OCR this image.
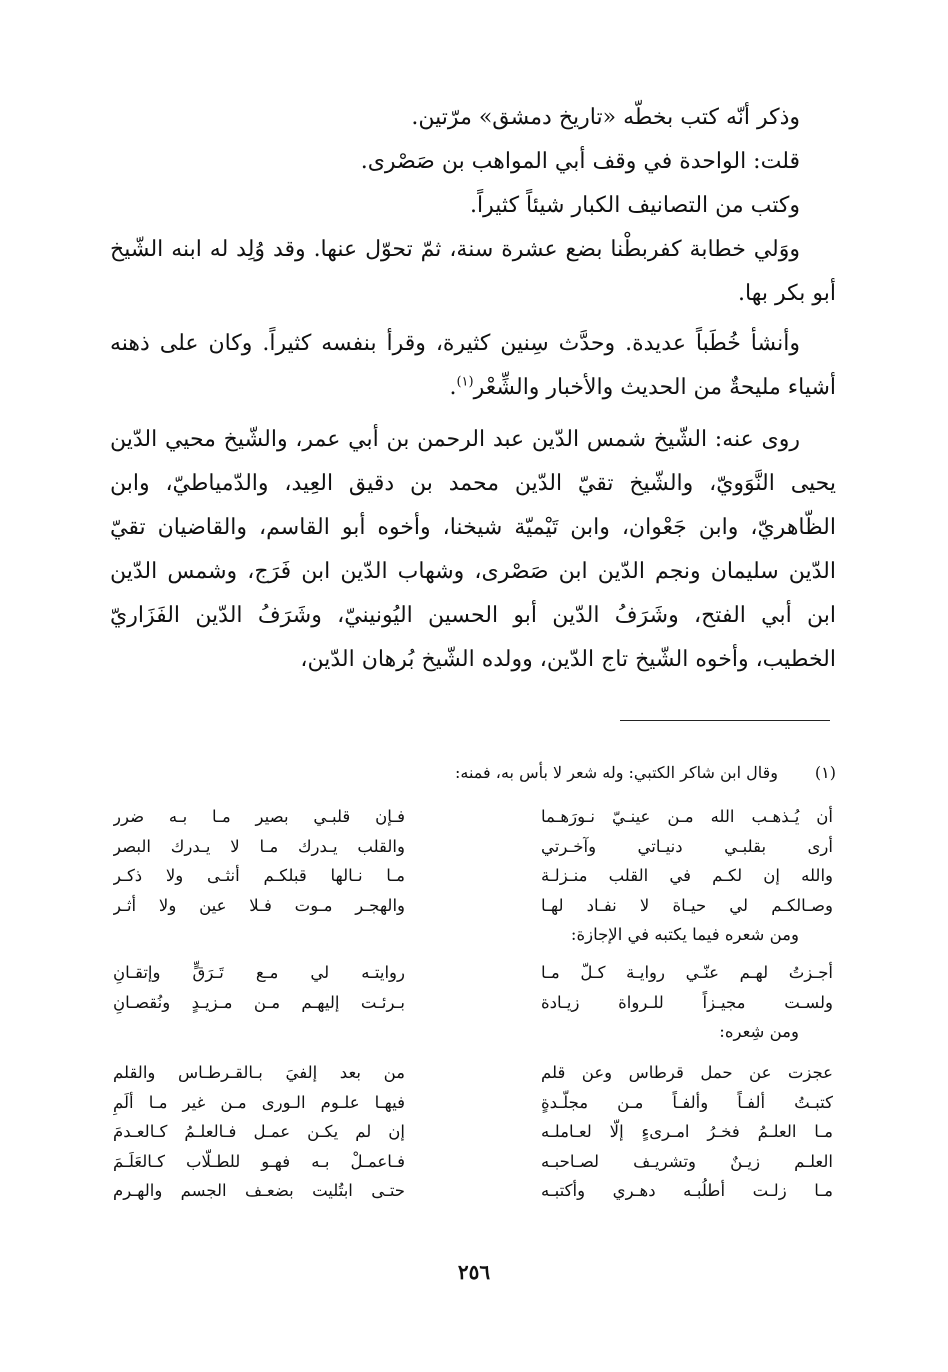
وذكر أنّه كتب بخطّه «تاريخ دمشق» مرّتين.

قلت: الواحدة في وقف أبي المواهب بن صَصْرى.

وكتب من التصانيف الكبار شيئاً كثيراً.

ووَلي خطابة كفربطْنا بضع عشرة سنة، ثمّ تحوّل عنها. وقد وُلِد له ابنه الشّيخ أبو بكر بها.

وأنشأ خُطَباً عديدة. وحدَّث سِنين كثيرة، وقرأ بنفسه كثيراً. وكان على ذهنه أشياء مليحةٌ من الحديث والأخبار والشِّعْر$^{(١)}$.

روى عنه: الشّيخ شمس الدّين عبد الرحمن بن أبي عمر، والشّيخ محيي الدّين يحيى النَّوَويّ، والشّيخ تقيّ الدّين محمد بن دقيق العِيد، والدّمياطيّ، وابن الظّاهريّ، وابن جَعْوان، وابن تَيْميّة شيخنا، وأخوه أبو القاسم، والقاضيان تقيّ الدّين سليمان ونجم الدّين ابن صَصْرى، وشهاب الدّين ابن فَرَج، وشمس الدّين ابن أبي الفتح، وشَرَفُ الدّين أبو الحسين اليُونينيّ، وشَرَفُ الدّين الفَزَاريّ الخطيب، وأخوه الشّيخ تاج الدّين، وولده الشّيخ بُرهان الدّين،

(١)
وقال ابن شاكر الكتبي: وله شعر لا بأس به، فمنه:
أن يُـذهـب الله مـن عينـيّ نـورَهـما
فـإن قلبـي بصير مـا بـه ضرر
أرى بقلبـي دنيـاتي وآخـرتي
والقلب يـدرك مـا لا يـدرك البصر
والله إن لكـم في القلب منـزلـة
مـا نـالها قبلكـم أنثـى ولا ذكـر
وصـالكـم لي حيـاة لا نفـاد لهـا
والهجـر مـوت فـلا عين ولا أثـر
ومن شعره فيما يكتبه في الإجازة:
أجـزتُ لهـم عنّـي روايـة كـلّ مـا
روايتـه لي مـع تَـرَقٍّ وإتقـانِ
ولسـت مجيـزاً للـرواة زيـادة
بـرئـت إليهـم مـن مـزيـدٍ ونُقصـانِ
ومن شِعره:
عجزت عن حمل قرطاس وعن قلم
من بعد إلفيَ بـالقـرطـاس والقلم
كتبـتُ ألفـاً وألفـاً مـن مجلّـدةٍ
فيهـا علـوم الـورى مـن غير مـا ألَمِ
مـا العلـمُ فخـرُ امـرىءٍ إلّا لعـاملـه
إن لم يكـن عمـل فـالعلـمُ كـالعـدمَ
العلـم زيـنٌ وتشريـف لصـاحبـه
فـاعمـلْ بـه فهـو للطـلّاب كـالعَلَـمَ
مـا زلـت أطلُبـه دهـري وأكتبـه
حتـى ابتُليت بضعـف الجسم والهـرم
٢٥٦
